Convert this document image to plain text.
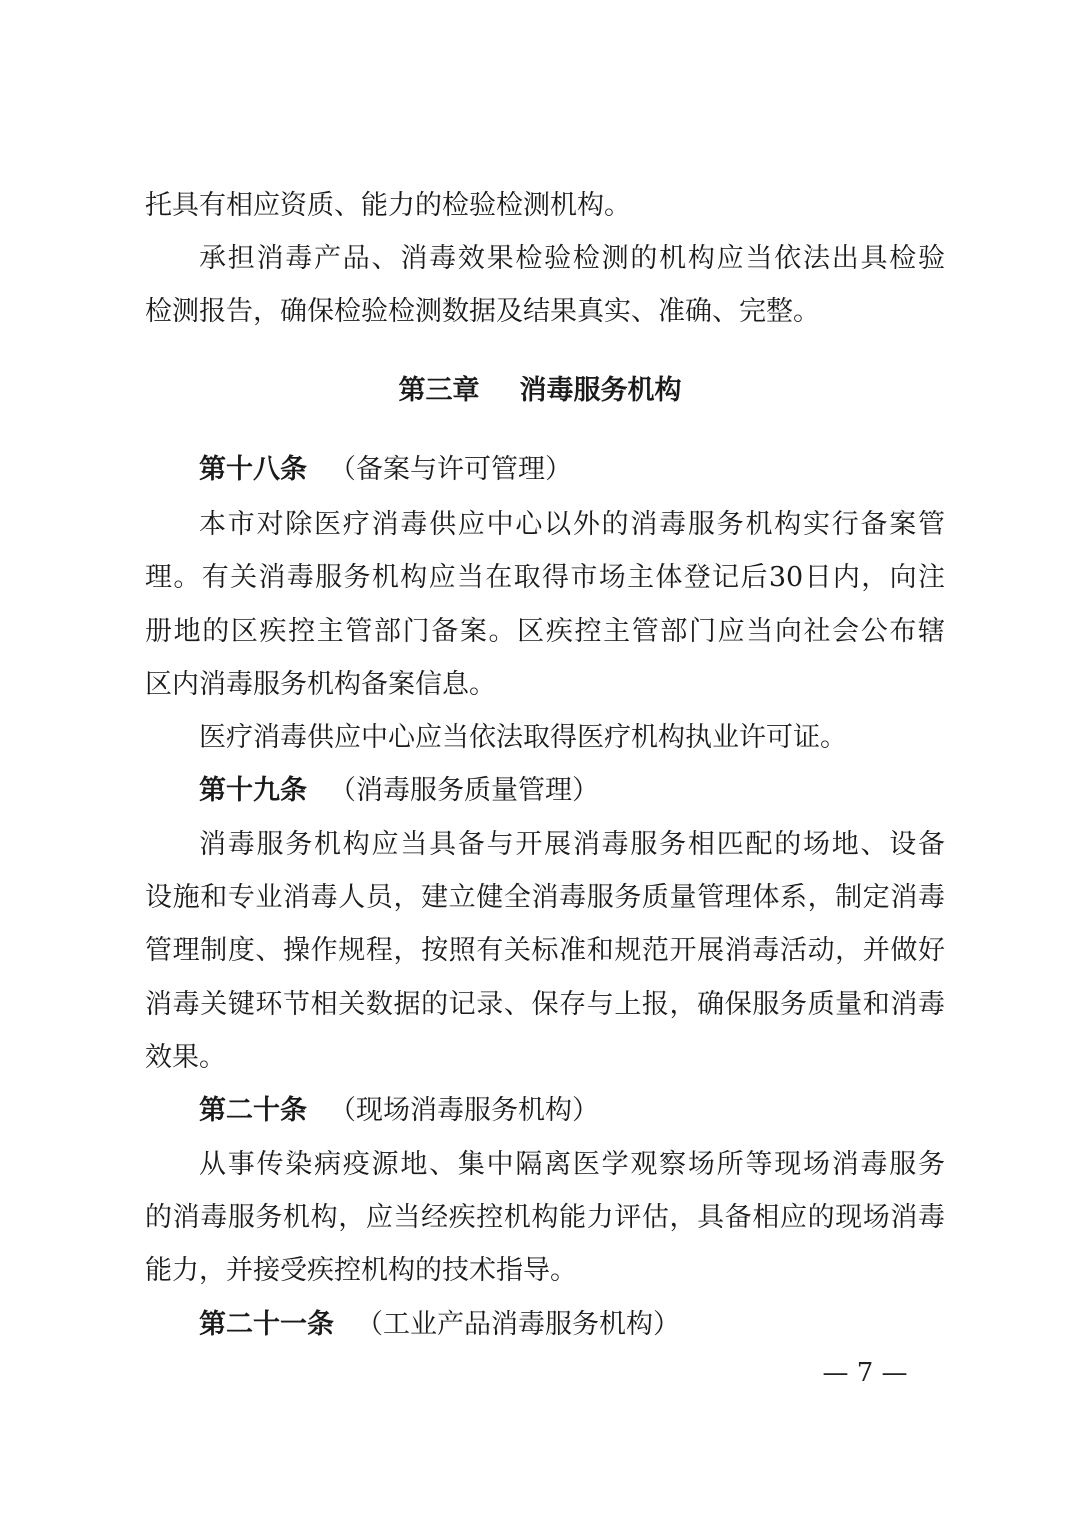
托具有相应资质、能力的检验检测机构。
承担消毒产品、消毒效果检验检测的机构应当依法出具检验
检测报告，确保检验检测数据及结果真实、准确、完整。
第三章 消毒服务机构
第十八条 （备案与许可管理）
本市对除医疗消毒供应中心以外的消毒服务机构实行备案管
理。有关消毒服务机构应当在取得市场主体登记后30日内，向注
册地的区疾控主管部门备案。区疾控主管部门应当向社会公布辖
区内消毒服务机构备案信息。
医疗消毒供应中心应当依法取得医疗机构执业许可证。
第十九条 （消毒服务质量管理）
消毒服务机构应当具备与开展消毒服务相匹配的场地、设备
设施和专业消毒人员，建立健全消毒服务质量管理体系，制定消毒
管理制度、操作规程，按照有关标准和规范开展消毒活动，并做好
消毒关键环节相关数据的记录、保存与上报，确保服务质量和消毒
效果。
第二十条 （现场消毒服务机构）
从事传染病疫源地、集中隔离医学观察场所等现场消毒服务
的消毒服务机构，应当经疾控机构能力评估，具备相应的现场消毒
能力，并接受疾控机构的技术指导。
第二十一条 （工业产品消毒服务机构）
— 7 —
